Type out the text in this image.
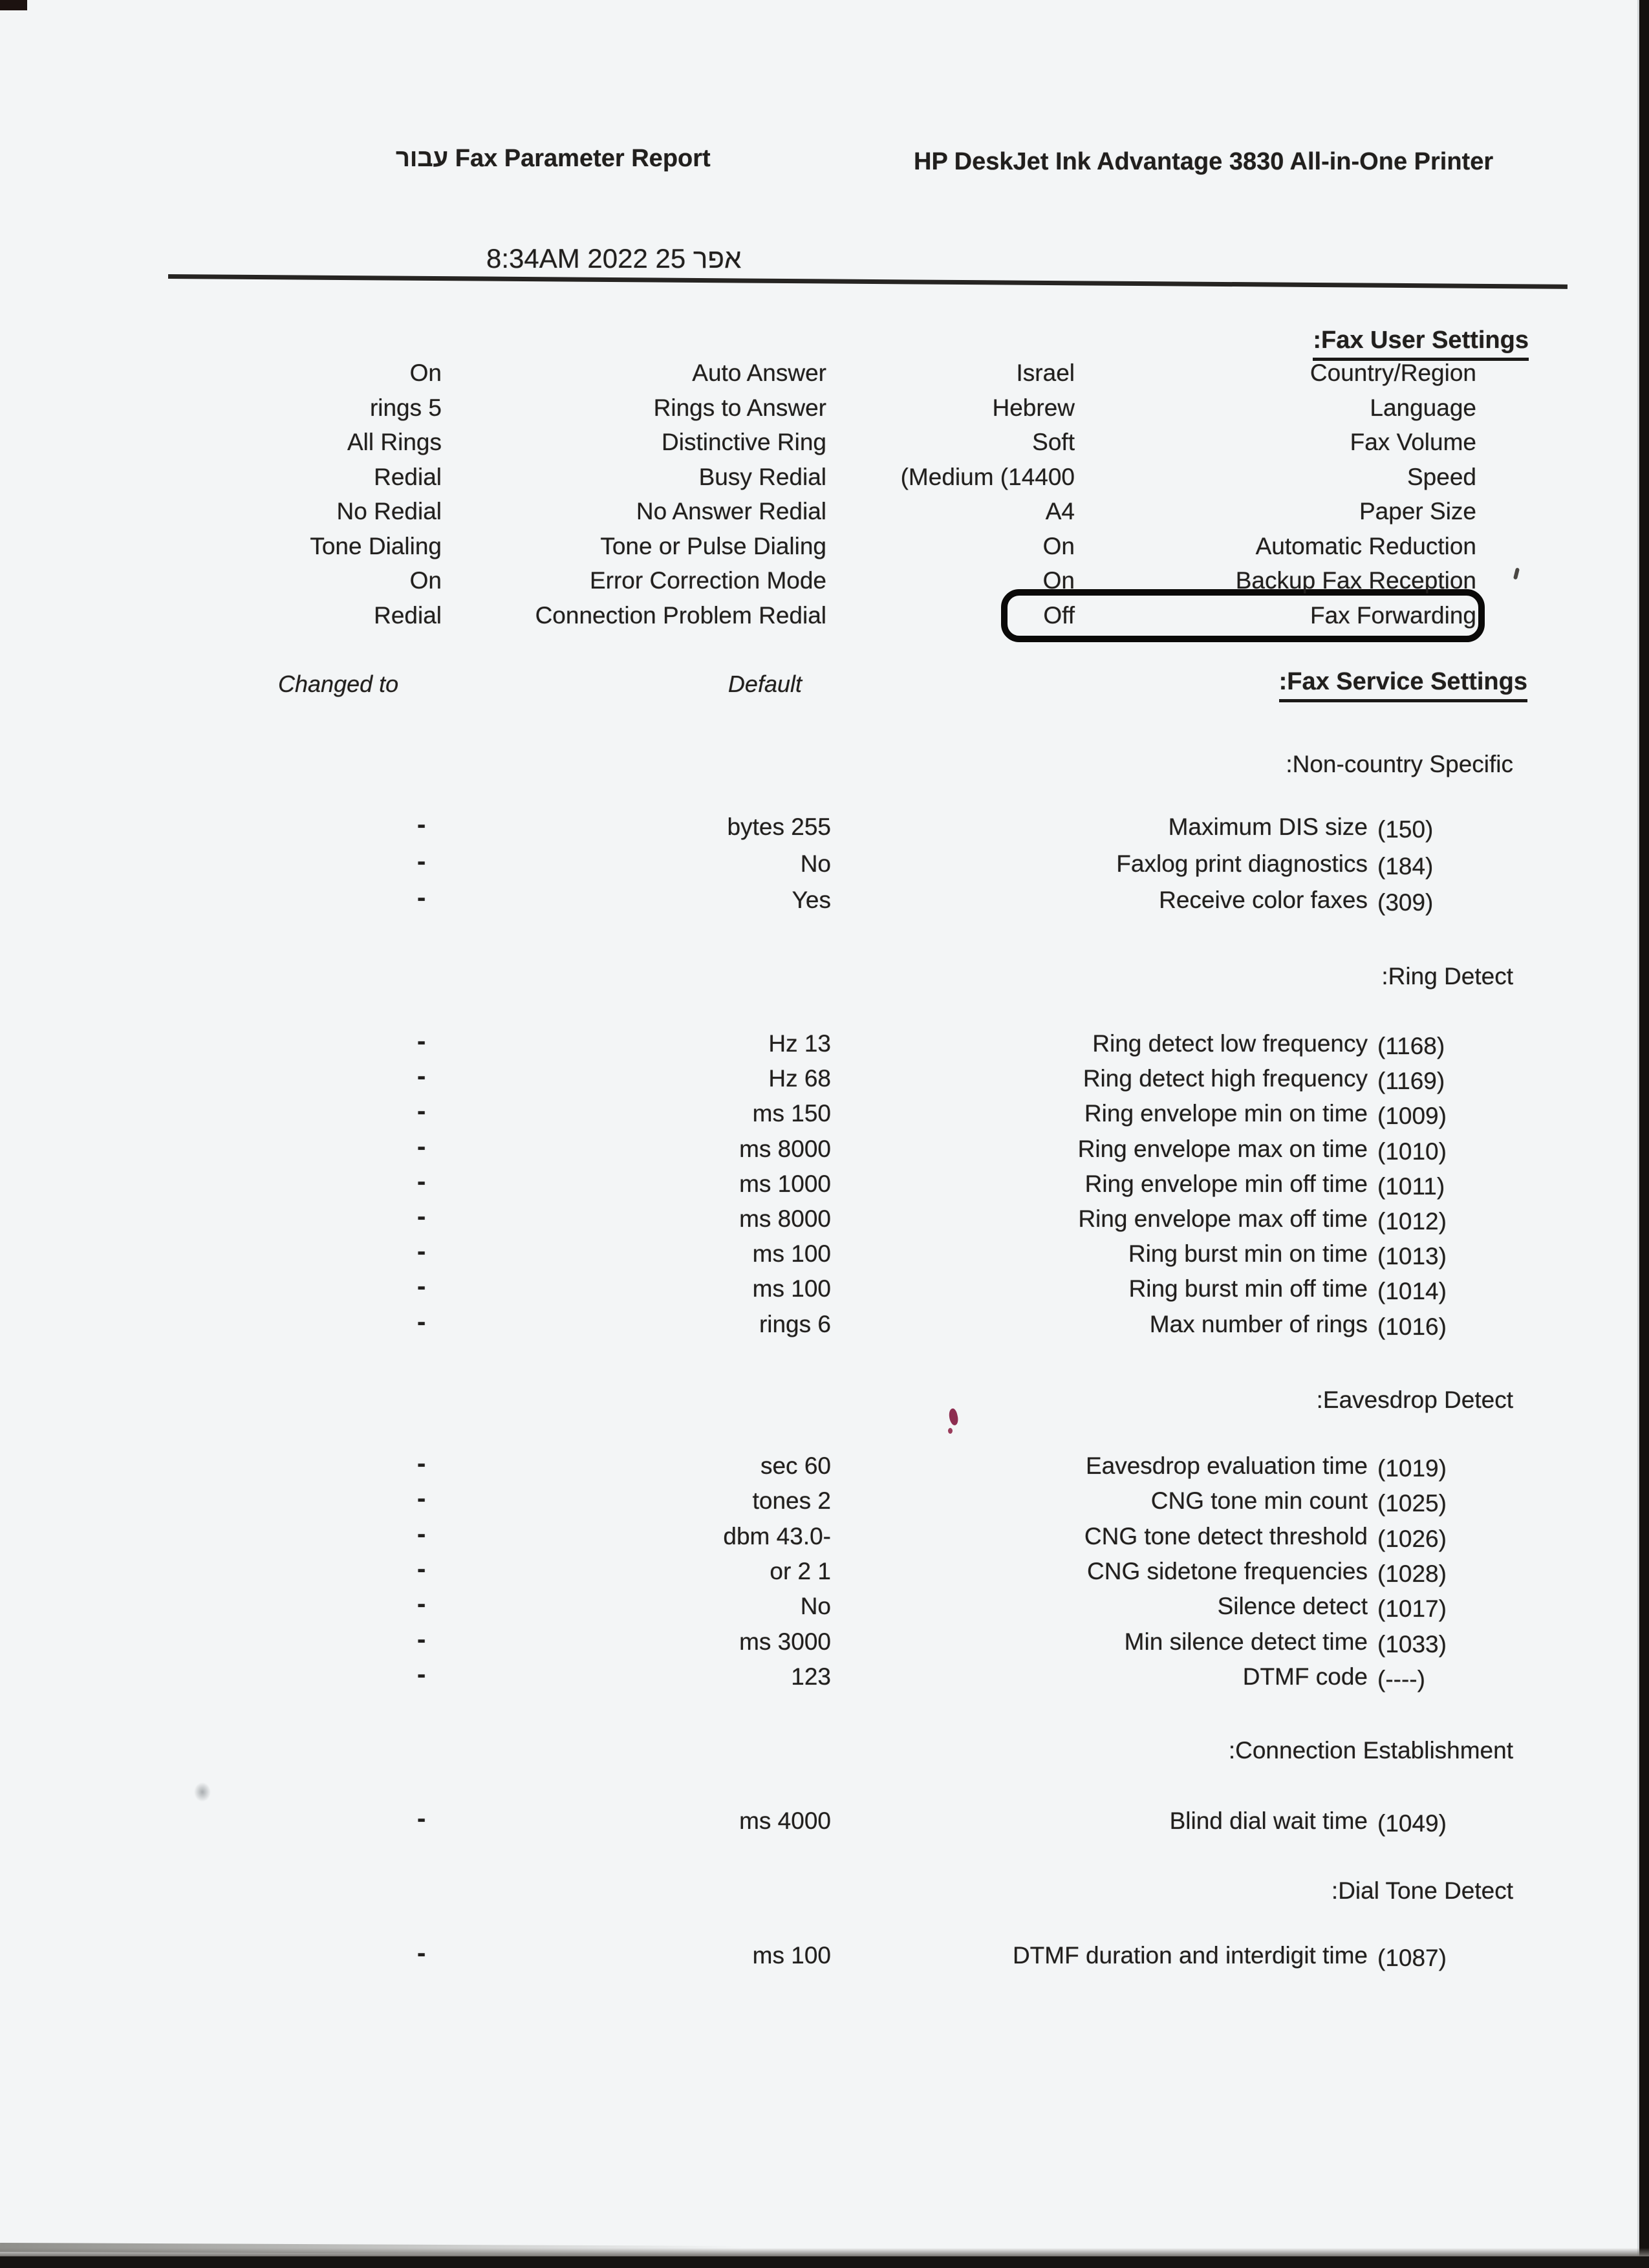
עבור Fax Parameter Report	HP DeskJet Ink Advantage 3830 All-in-One Printer
8:34AM 2022 אפר 25
:Fax User Settings
On	Auto Answer	Israel	Country/Region
rings 5	Rings to Answer	Hebrew	Language
All Rings	Distinctive Ring	Soft	Fax Volume
Redial	Busy Redial	(Medium (14400	Speed
No Redial	No Answer Redial	A4	Paper Size
Tone Dialing	Tone or Pulse Dialing	On	Automatic Reduction
On	Error Correction Mode	On	Backup Fax Reception
Redial	Connection Problem Redial	Off	Fax Forwarding
Changed to	Default	:Fax Service Settings
:Non-country Specific
-	bytes 255	Maximum DIS size (150)
-	No	Faxlog print diagnostics (184)
-	Yes	Receive color faxes (309)
:Ring Detect
-	Hz 13	Ring detect low frequency (1168)
-	Hz 68	Ring detect high frequency (1169)
-	ms 150	Ring envelope min on time (1009)
-	ms 8000	Ring envelope max on time (1010)
-	ms 1000	Ring envelope min off time (1011)
-	ms 8000	Ring envelope max off time (1012)
-	ms 100	Ring burst min on time (1013)
-	ms 100	Ring burst min off time (1014)
-	rings 6	Max number of rings (1016)
:Eavesdrop Detect
-	sec 60	Eavesdrop evaluation time (1019)
-	tones 2	CNG tone min count (1025)
-	dbm 43.0-	CNG tone detect threshold (1026)
-	or 2 1	CNG sidetone frequencies (1028)
-	No	Silence detect (1017)
-	ms 3000	Min silence detect time (1033)
-	123	DTMF code (----)
:Connection Establishment
-	ms 4000	Blind dial wait time (1049)
:Dial Tone Detect
-	ms 100	DTMF duration and interdigit time (1087)
